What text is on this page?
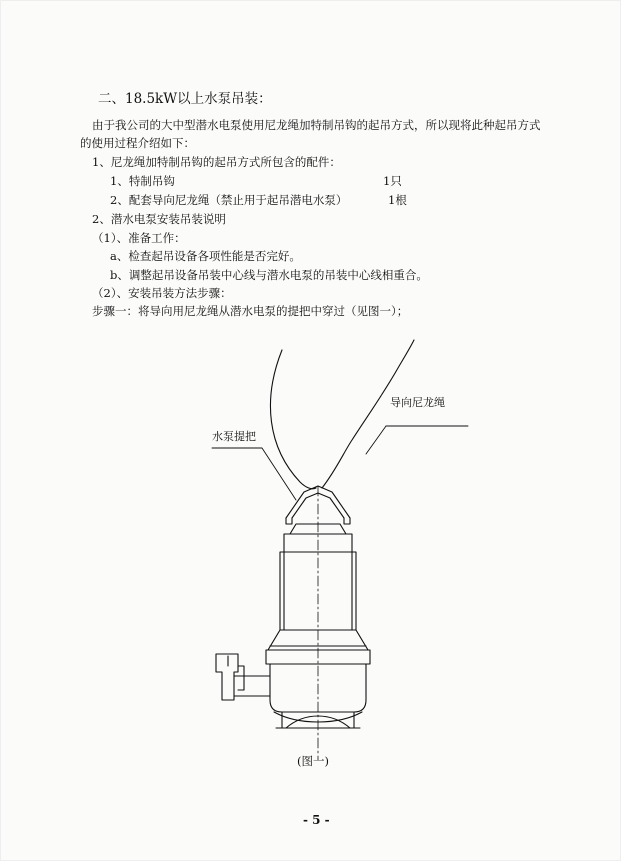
二、18.5kW以上水泵吊装：
由于我公司的大中型潜水电泵使用尼龙绳加特制吊钩的起吊方式，所以现将此种起吊方式
的使用过程介绍如下：
1、尼龙绳加特制吊钩的起吊方式所包含的配件：
1、特制吊钩	1只
2、配套导向尼龙绳（禁止用于起吊潜电水泵）	1根
2、潜水电泵安装吊装说明
（1）、准备工作：
a、检查起吊设备各项性能是否完好。
b、调整起吊设备吊装中心线与潜水电泵的吊装中心线相重合。
（2）、安装吊装方法步骤：
步骤一：将导向用尼龙绳从潜水电泵的提把中穿过（见图一）；
导向尼龙绳
水泵提把
(图一)
- 5 -
